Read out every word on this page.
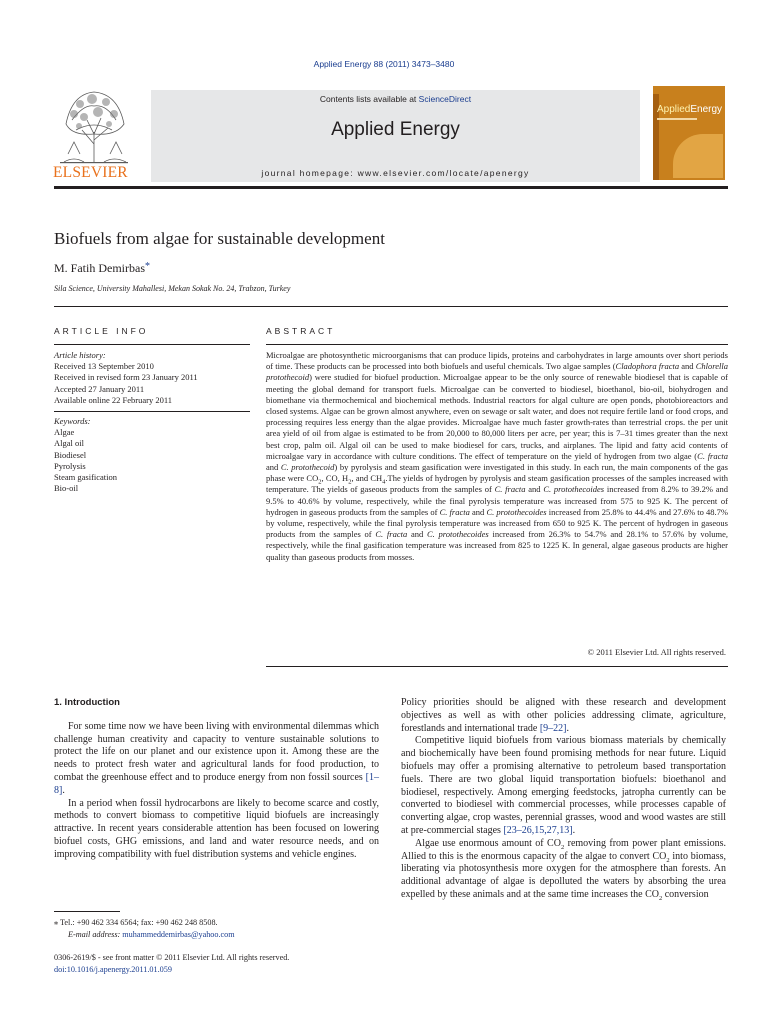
Applied Energy 88 (2011) 3473–3480
ELSEVIER
Contents lists available at ScienceDirect
Applied Energy
journal homepage: www.elsevier.com/locate/apenergy
AppliedEnergy
Biofuels from algae for sustainable development
M. Fatih Demirbas*
Sila Science, University Mahallesi, Mekan Sokak No. 24, Trabzon, Turkey
ARTICLE INFO	ABSTRACT
Article history:
Received 13 September 2010
Received in revised form 23 January 2011
Accepted 27 January 2011
Available online 22 February 2011
Keywords:
Algae
Algal oil
Biodiesel
Pyrolysis
Steam gasification
Bio-oil
Microalgae are photosynthetic microorganisms that can produce lipids, proteins and carbohydrates in large amounts over short periods of time. These products can be processed into both biofuels and useful chemicals. Two algae samples (Cladophora fracta and Chlorella protothecoid) were studied for biofuel production. Microalgae appear to be the only source of renewable biodiesel that is capable of meeting the global demand for transport fuels. Microalgae can be converted to biodiesel, bioethanol, bio-oil, biohydrogen and biomethane via thermochemical and biochemical methods. Industrial reactors for algal culture are open ponds, photobioreactors and closed systems. Algae can be grown almost anywhere, even on sewage or salt water, and does not require fertile land or food crops, and processing requires less energy than the algae provides. Microalgae have much faster growth-rates than terrestrial crops. the per unit area yield of oil from algae is estimated to be from 20,000 to 80,000 liters per acre, per year; this is 7–31 times greater than the next best crop, palm oil. Algal oil can be used to make biodiesel for cars, trucks, and airplanes. The lipid and fatty acid contents of microalgae vary in accordance with culture conditions. The effect of temperature on the yield of hydrogen from two algae (C. fracta and C. protothecoid) by pyrolysis and steam gasification were investigated in this study. In each run, the main components of the gas phase were $CO_2$, CO, $H_2$, and $CH_4.The$ yields of hydrogen by pyrolysis and steam gasification processes of the samples increased with temperature. The yields of gaseous products from the samples of C. fracta and C. protothecoides increased from 8.2% to 39.2% and 9.5% to 40.6% by volume, respectively, while the final pyrolysis temperature was increased from 575 to 925 K. The percent of hydrogen in gaseous products from the samples of C. fracta and C. protothecoides increased from 25.8% to 44.4% and 27.6% to 48.7% by volume, respectively, while the final pyrolysis temperature was increased from 650 to 925 K. The percent of hydrogen in gaseous products from the samples of C. fracta and C. protothecoides increased from 26.3% to 54.7% and 28.1% to 57.6% by volume, respectively, while the final gasification temperature was increased from 825 to 1225 K. In general, algae gaseous products are higher quality than gaseous products from mosses.
© 2011 Elsevier Ltd. All rights reserved.
1. Introduction

For some time now we have been living with environmental dilemmas which challenge human creativity and capacity to venture sustainable solutions to protect the life on our planet and our existence upon it. Among these are the needs to protect fresh water and agricultural lands for food production, to combat the greenhouse effect and to produce energy from non fossil sources [1–8].

In a period when fossil hydrocarbons are likely to become scarce and costly, methods to convert biomass to competitive liquid biofuels are increasingly attractive. In recent years considerable attention has been focused on lowering biofuel costs, GHG emissions, and land and water resource needs, and on improving compatibility with fuel distribution systems and vehicle engines.

Policy priorities should be aligned with these research and development objectives as well as with other policies addressing climate, agriculture, forestlands and international trade [9–22].

Competitive liquid biofuels from various biomass materials by chemically and biochemically have been found promising methods for near future. Liquid biofuels may offer a promising alternative to petroleum based transportation fuels. There are two global liquid transportation biofuels: bioethanol and biodiesel, respectively. Among emerging feedstocks, jatropha currently can be converted to biodiesel with commercial processes, while processes capable of converting algae, crop wastes, perennial grasses, wood and wood wastes are still at pre-commercial stages [23–26,15,27,13].

Algae use enormous amount of $CO_2$ removing from power plant emissions. Allied to this is the enormous capacity of the algae to convert $CO_2$ into biomass, liberating via photosynthesis more oxygen for the atmosphere than forests. An additional advantage of algae is depolluted the waters by absorbing the urea expelled by these animals and at the same time increases the $CO_2$ conversion

⁎ Tel.: +90 462 334 6564; fax: +90 462 248 8508.
E-mail address: muhammeddemirbas@yahoo.com
0306-2619/$ - see front matter © 2011 Elsevier Ltd. All rights reserved.
doi:10.1016/j.apenergy.2011.01.059
